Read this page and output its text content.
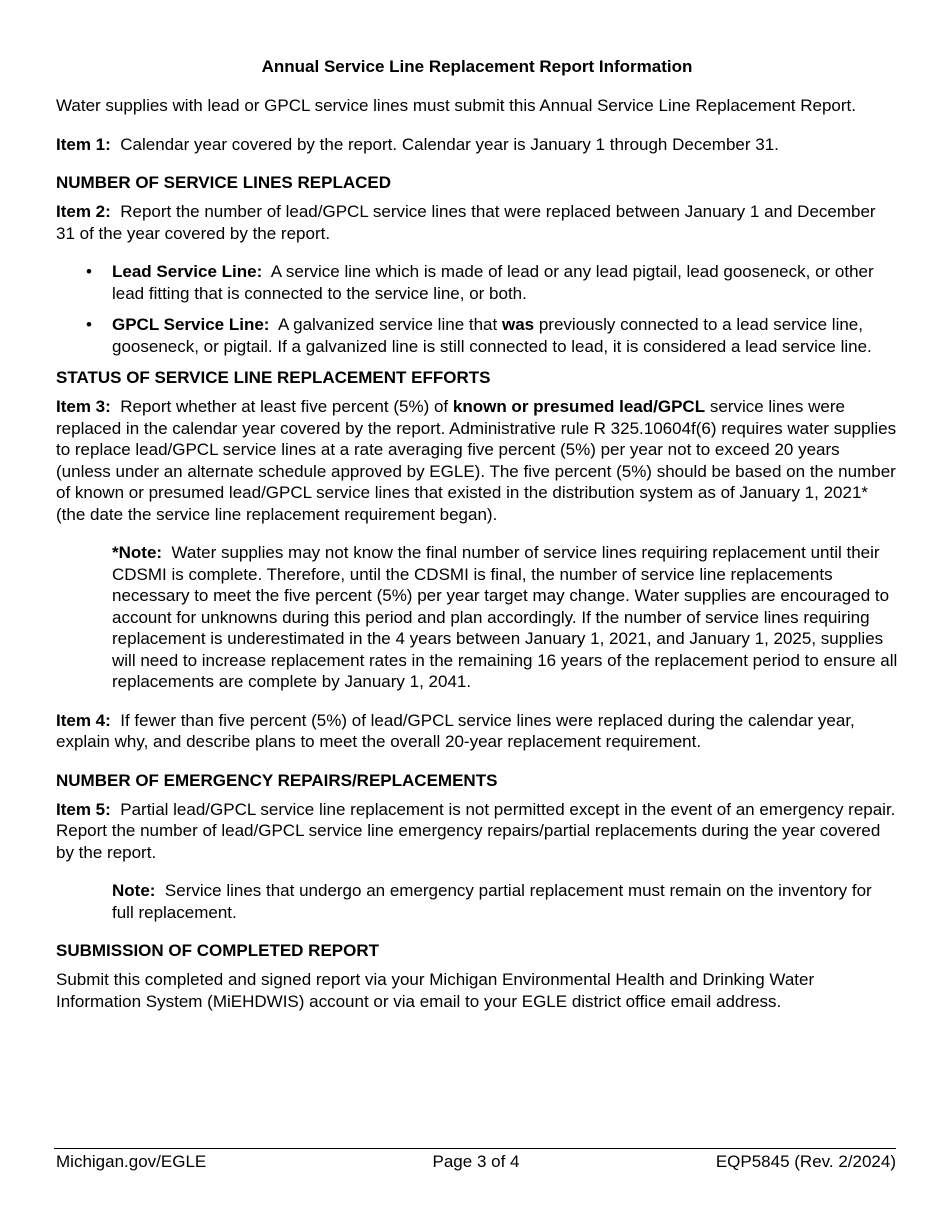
Annual Service Line Replacement Report Information

Water supplies with lead or GPCL service lines must submit this Annual Service Line Replacement Report.

Item 1: Calendar year covered by the report. Calendar year is January 1 through December 31.

NUMBER OF SERVICE LINES REPLACED

Item 2: Report the number of lead/GPCL service lines that were replaced between January 1 and December 31 of the year covered by the report.

• Lead Service Line: A service line which is made of lead or any lead pigtail, lead gooseneck, or other lead fitting that is connected to the service line, or both.
• GPCL Service Line: A galvanized service line that was previously connected to a lead service line, gooseneck, or pigtail. If a galvanized line is still connected to lead, it is considered a lead service line.
STATUS OF SERVICE LINE REPLACEMENT EFFORTS

Item 3: Report whether at least five percent (5%) of known or presumed lead/GPCL service lines were replaced in the calendar year covered by the report. Administrative rule R 325.10604f(6) requires water supplies to replace lead/GPCL service lines at a rate averaging five percent (5%) per year not to exceed 20 years (unless under an alternate schedule approved by EGLE). The five percent (5%) should be based on the number of known or presumed lead/GPCL service lines that existed in the distribution system as of January 1, 2021* (the date the service line replacement requirement began).

*Note: Water supplies may not know the final number of service lines requiring replacement until their CDSMI is complete. Therefore, until the CDSMI is final, the number of service line replacements necessary to meet the five percent (5%) per year target may change. Water supplies are encouraged to account for unknowns during this period and plan accordingly. If the number of service lines requiring replacement is underestimated in the 4 years between January 1, 2021, and January 1, 2025, supplies will need to increase replacement rates in the remaining 16 years of the replacement period to ensure all replacements are complete by January 1, 2041.

Item 4: If fewer than five percent (5%) of lead/GPCL service lines were replaced during the calendar year, explain why, and describe plans to meet the overall 20-year replacement requirement.

NUMBER OF EMERGENCY REPAIRS/REPLACEMENTS

Item 5: Partial lead/GPCL service line replacement is not permitted except in the event of an emergency repair. Report the number of lead/GPCL service line emergency repairs/partial replacements during the year covered by the report.

Note: Service lines that undergo an emergency partial replacement must remain on the inventory for full replacement.

SUBMISSION OF COMPLETED REPORT

Submit this completed and signed report via your Michigan Environmental Health and Drinking Water Information System (MiEHDWIS) account or via email to your EGLE district office email address.

Michigan.gov/EGLE	Page 3 of 4	EQP5845 (Rev. 2/2024)
